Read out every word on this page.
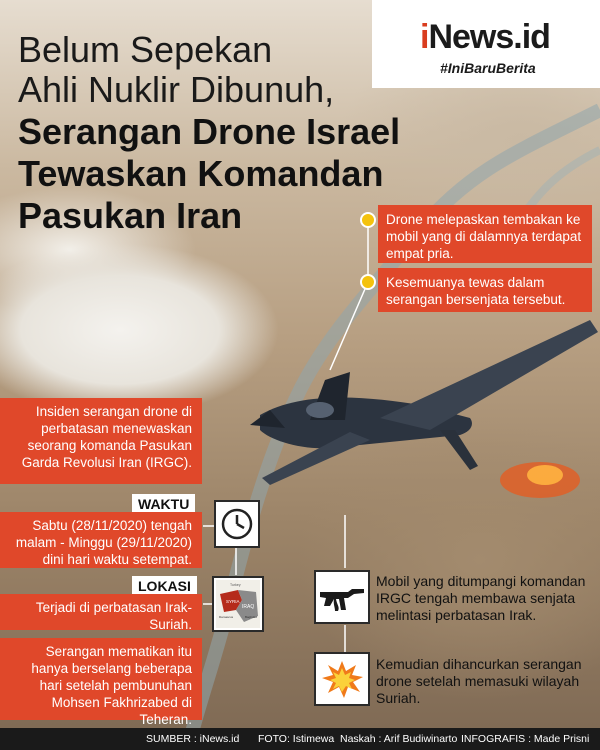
iNews.id
#IniBaruBerita
Belum Sepekan
Ahli Nuklir Dibunuh,
Serangan Drone Israel
Tewaskan Komandan
Pasukan Iran	Drone melepaskan tembakan ke mobil yang di dalamnya terdapat empat pria.
Kesemuanya tewas dalam serangan bersenjata tersebut.
Insiden serangan drone di perbatasan menewaskan seorang komanda Pasukan Garda Revolusi Iran (IRGC).
WAKTU
Sabtu (28/11/2020) tengah malam - Minggu (29/11/2020) dini hari waktu setempat.
LOKASI
Terjadi di perbatasan Irak-Suriah.
Serangan mematikan itu hanya berselang beberapa hari setelah pembunuhan Mohsen Fakhrizabed di Teheran.
SYRIA
IRAQ
Turkey
Damascus	Baghdad
Mobil yang ditumpangi komandan IRGC tengah membawa senjata melintasi perbatasan Irak.
Kemudian dihancurkan serangan drone setelah memasuki wilayah Suriah.
SUMBER : iNews.id FOTO: Istimewa Naskah : Arif Budiwinarto INFOGRAFIS : Made Prisni
